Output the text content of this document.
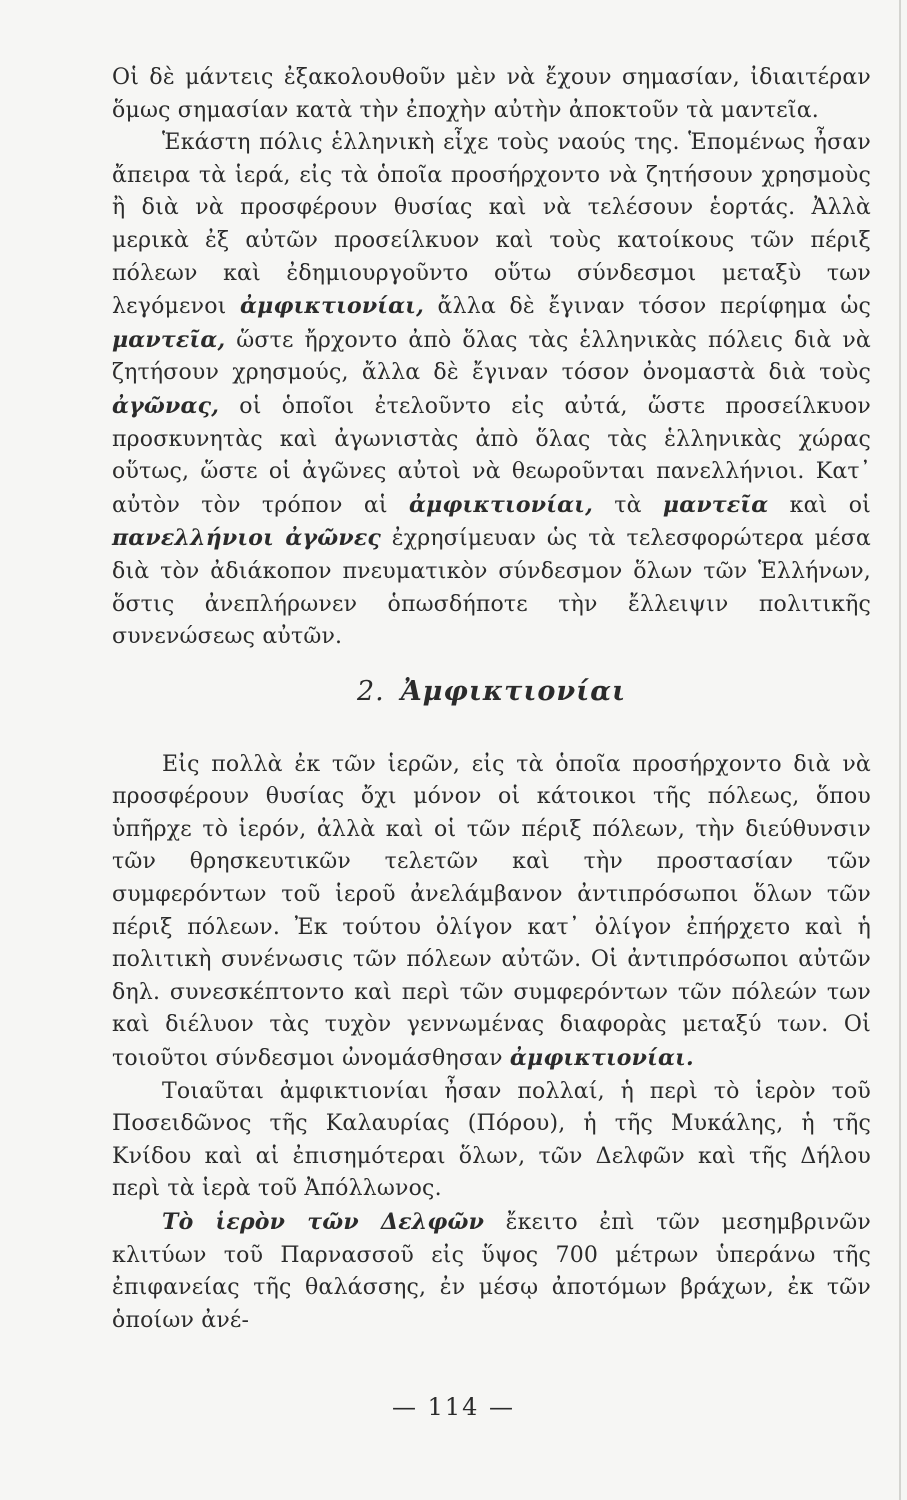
Οἱ δὲ μάντεις ἐξακολουθοῦν μὲν νὰ ἔχουν σημασίαν, ἰδιαιτέραν ὅμως σημασίαν κατὰ τὴν ἐποχὴν αὐτὴν ἀποκτοῦν τὰ μαντεῖα.

Ἑκάστη πόλις ἑλληνικὴ εἶχε τοὺς ναούς της. Ἑπομένως ἦσαν ἄπειρα τὰ ἱερά, εἰς τὰ ὁποῖα προσήρχοντο νὰ ζητήσουν χρησμοὺς ἢ διὰ νὰ προσφέρουν θυσίας καὶ νὰ τελέσουν ἑορτάς. Ἀλλὰ μερικὰ ἐξ αὐτῶν προσείλκυον καὶ τοὺς κατοίκους τῶν πέριξ πόλεων καὶ ἐδημιουργοῦντο οὕτω σύνδεσμοι μεταξὺ των λεγόμενοι ἀμφικτιονίαι, ἄλλα δὲ ἔγιναν τόσον περίφημα ὡς μαντεῖα, ὥστε ἤρχοντο ἀπὸ ὅλας τὰς ἑλληνικὰς πόλεις διὰ νὰ ζητήσουν χρησμούς, ἄλλα δὲ ἔγιναν τόσον ὀνομαστὰ διὰ τοὺς ἀγῶνας, οἱ ὁποῖοι ἐτελοῦντο εἰς αὐτά, ὥστε προσείλκυον προσκυνητὰς καὶ ἀγωνιστὰς ἀπὸ ὅλας τὰς ἑλληνικὰς χώρας οὕτως, ὥστε οἱ ἀγῶνες αὐτοὶ νὰ θεωροῦνται πανελλήνιοι. Κατ᾽ αὐτὸν τὸν τρόπον αἱ ἀμφικτιονίαι, τὰ μαντεῖα καὶ οἱ πανελλήνιοι ἀγῶνες ἐχρησίμευαν ὡς τὰ τελεσφορώτερα μέσα διὰ τὸν ἀδιάκοπον πνευματικὸν σύνδεσμον ὅλων τῶν Ἑλλήνων, ὅστις ἀνεπλήρωνεν ὁπωσδήποτε τὴν ἔλλειψιν πολιτικῆς συνενώσεως αὐτῶν.

2. Ἀμφικτιονίαι

Εἰς πολλὰ ἐκ τῶν ἱερῶν, εἰς τὰ ὁποῖα προσήρχοντο διὰ νὰ προσφέρουν θυσίας ὄχι μόνον οἱ κάτοικοι τῆς πόλεως, ὅπου ὑπῆρχε τὸ ἱερόν, ἀλλὰ καὶ οἱ τῶν πέριξ πόλεων, τὴν διεύθυνσιν τῶν θρησκευτικῶν τελετῶν καὶ τὴν προστασίαν τῶν συμφερόντων τοῦ ἱεροῦ ἀνελάμβανον ἀντιπρόσωποι ὅλων τῶν πέριξ πόλεων. Ἐκ τούτου ὀλίγον κατ᾽ ὀλίγον ἐπήρχετο καὶ ἡ πολιτικὴ συνένωσις τῶν πόλεων αὐτῶν. Οἱ ἀντιπρόσωποι αὐτῶν δηλ. συνεσκέπτοντο καὶ περὶ τῶν συμφερόντων τῶν πόλεών των καὶ διέλυον τὰς τυχὸν γεννωμένας διαφορὰς μεταξύ των. Οἱ τοιοῦτοι σύνδεσμοι ὠνομάσθησαν ἀμφικτιονίαι.

Τοιαῦται ἀμφικτιονίαι ἦσαν πολλαί, ἡ περὶ τὸ ἱερὸν τοῦ Ποσειδῶνος τῆς Καλαυρίας (Πόρου), ἡ τῆς Μυκάλης, ἡ τῆς Κνίδου καὶ αἱ ἐπισημότεραι ὅλων, τῶν Δελφῶν καὶ τῆς Δήλου περὶ τὰ ἱερὰ τοῦ Ἀπόλλωνος.

Τὸ ἱερὸν τῶν Δελφῶν ἔκειτο ἐπὶ τῶν μεσημβρινῶν κλιτύων τοῦ Παρνασσοῦ εἰς ὕψος 700 μέτρων ὑπεράνω τῆς ἐπιφανείας τῆς θαλάσσης, ἐν μέσῳ ἀποτόμων βράχων, ἐκ τῶν ὁποίων ἀνέ-

— 114 —
